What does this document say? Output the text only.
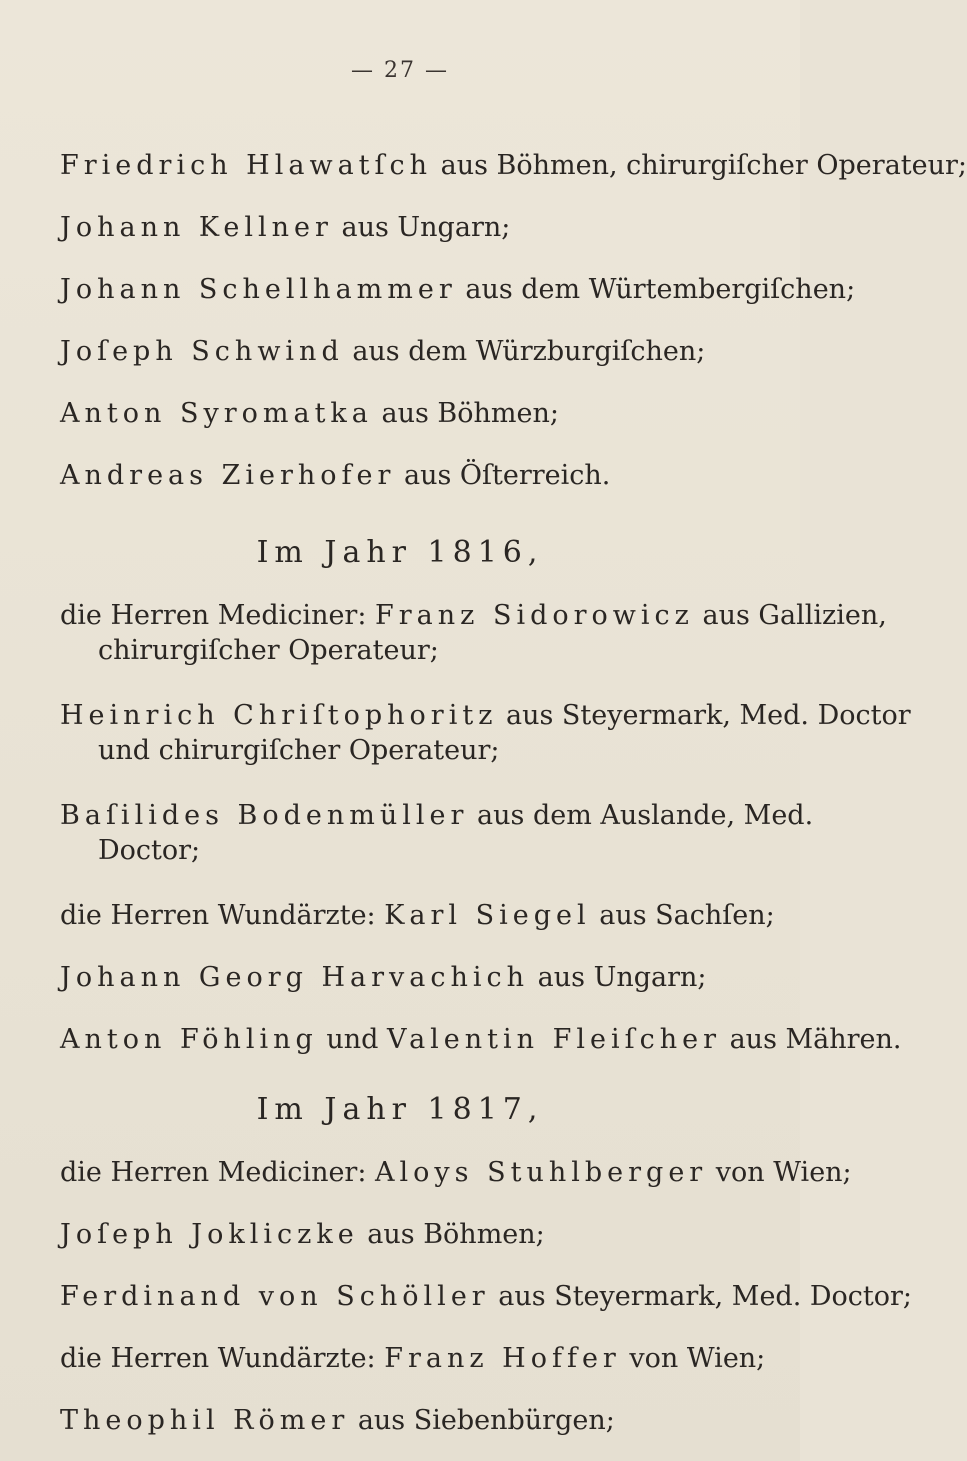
— 27 —
Friedrich Hlawatſch aus Böhmen, chirurgiſcher Operateur;
Johann Kellner aus Ungarn;
Johann Schellhammer aus dem Würtembergiſchen;
Joſeph Schwind aus dem Würzburgiſchen;
Anton Syromatka aus Böhmen;
Andreas Zierhofer aus Öſterreich.
Im Jahr 1816,
die Herren Mediciner: Franz Sidorowicz aus Gallizien,
chirurgiſcher Operateur;
Heinrich Chriſtophoritz aus Steyermark, Med. Doctor
und chirurgiſcher Operateur;
Baſilides Bodenmüller aus dem Auslande, Med.
Doctor;
die Herren Wundärzte: Karl Siegel aus Sachſen;
Johann Georg Harvachich aus Ungarn;
Anton Föhling und Valentin Fleiſcher aus Mähren.
Im Jahr 1817,
die Herren Mediciner: Aloys Stuhlberger von Wien;
Joſeph Jokliczke aus Böhmen;
Ferdinand von Schöller aus Steyermark, Med. Doctor;
die Herren Wundärzte: Franz Hoffer von Wien;
Theophil Römer aus Siebenbürgen;
